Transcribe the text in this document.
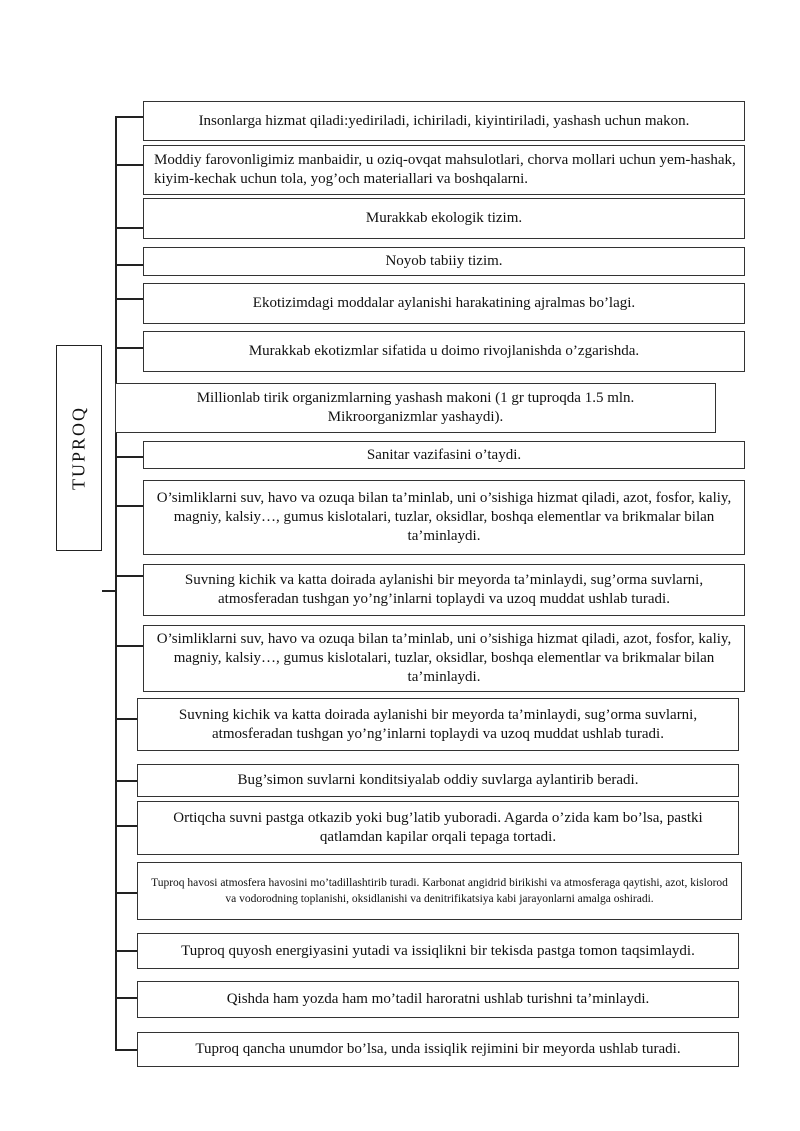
TUPROQ
Insonlarga hizmat qiladi:yediriladi, ichiriladi, kiyintiriladi, yashash uchun makon.
Moddiy farovonligimiz manbaidir, u oziq-ovqat mahsulotlari, chorva mollari uchun yem-hashak, kiyim-kechak uchun tola, yog’och materiallari va boshqalarni.
Murakkab ekologik tizim.
Noyob tabiiy tizim.
Ekotizimdagi moddalar aylanishi harakatining ajralmas bo’lagi.
Murakkab ekotizmlar sifatida u doimo rivojlanishda o’zgarishda.
Millionlab tirik organizmlarning yashash makoni (1 gr tuproqda 1.5 mln. Mikroorganizmlar yashaydi).
Sanitar vazifasini o’taydi.
O’simliklarni suv, havo va ozuqa bilan ta’minlab, uni o’sishiga hizmat qiladi, azot, fosfor, kaliy, magniy, kalsiy…, gumus kislotalari, tuzlar, oksidlar, boshqa elementlar va brikmalar bilan ta’minlaydi.
Suvning kichik va katta doirada aylanishi bir meyorda ta’minlaydi, sug’orma suvlarni, atmosferadan tushgan yo’ng’inlarni toplaydi va uzoq muddat ushlab turadi.
O’simliklarni suv, havo va ozuqa bilan ta’minlab, uni o’sishiga hizmat qiladi, azot, fosfor, kaliy, magniy, kalsiy…, gumus kislotalari, tuzlar, oksidlar, boshqa elementlar va brikmalar bilan ta’minlaydi.
Suvning kichik va katta doirada aylanishi bir meyorda ta’minlaydi, sug’orma suvlarni, atmosferadan tushgan yo’ng’inlarni toplaydi va uzoq muddat ushlab turadi.
Bug’simon suvlarni konditsiyalab oddiy suvlarga aylantirib beradi.
Ortiqcha suvni pastga otkazib yoki bug’latib yuboradi. Agarda o’zida kam bo’lsa, pastki qatlamdan kapilar orqali tepaga tortadi.
Tuproq havosi atmosfera havosini mo’tadillashtirib turadi. Karbonat angidrid birikishi va atmosferaga qaytishi, azot, kislorod va vodorodning toplanishi, oksidlanishi va denitrifikatsiya kabi jarayonlarni amalga oshiradi.
Tuproq quyosh energiyasini yutadi va issiqlikni bir tekisda pastga tomon taqsimlaydi.
Qishda ham yozda ham mo’tadil haroratni ushlab turishni ta’minlaydi.
Tuproq qancha unumdor bo’lsa, unda issiqlik rejimini bir meyorda ushlab turadi.
